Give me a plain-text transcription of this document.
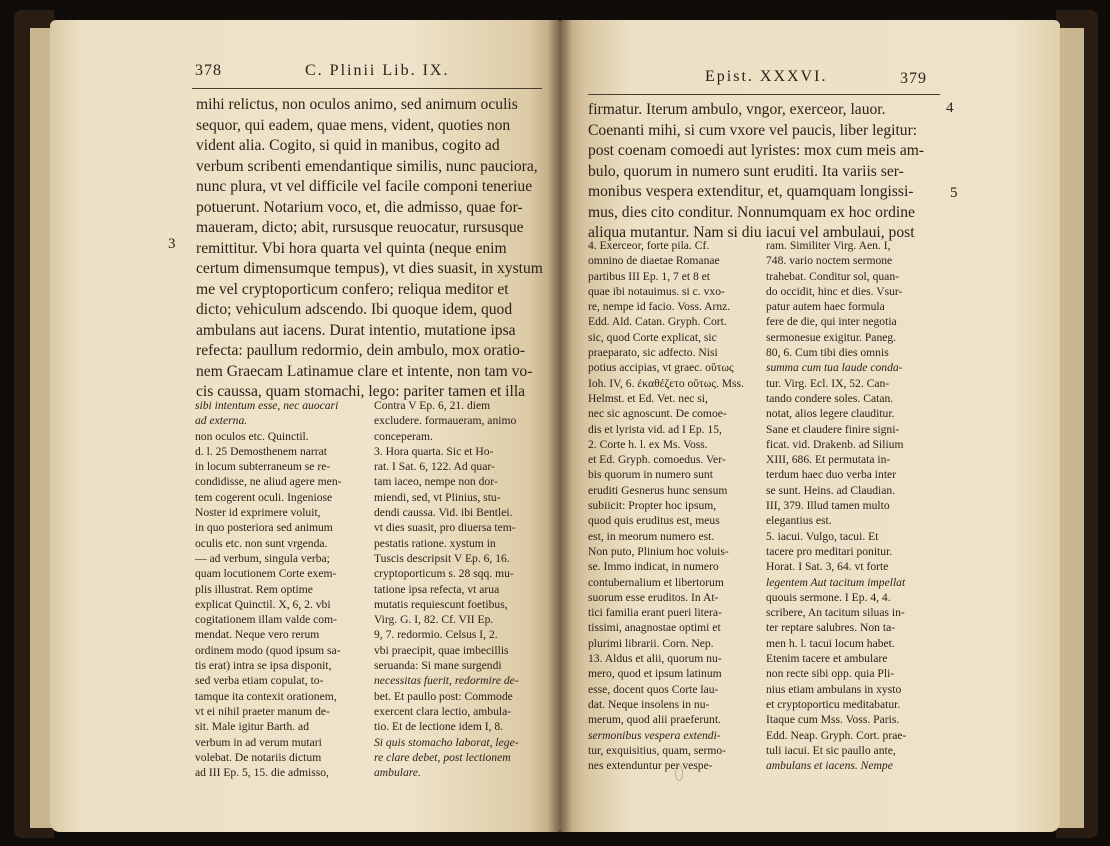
378	C. Plinii Lib. IX.
3

mihi relictus, non oculos animo, sed animum oculis

sequor, qui eadem, quae mens, vident, quoties non

vident alia. Cogito, si quid in manibus, cogito ad

verbum scribenti emendantique similis, nunc pauciora,

nunc plura, vt vel difficile vel facile componi teneriue

potuerunt. Notarium voco, et, die admisso, quae for-

maueram, dicto; abit, rursusque reuocatur, rursusque

remittitur. Vbi hora quarta vel quinta (neque enim

certum dimensumque tempus), vt dies suasit, in xystum

me vel cryptoporticum confero; reliqua meditor et

dicto; vehiculum adscendo. Ibi quoque idem, quod

ambulans aut iacens. Durat intentio, mutatione ipsa

refecta: paullum redormio, dein ambulo, mox oratio-

nem Graecam Latinamue clare et intente, non tam vo-

cis caussa, quam stomachi, lego: pariter tamen et illa

sibi intentum esse, nec auocari

ad externa.

non oculos etc. Quinctil.

d. l. 25 Demosthenem narrat

in locum subterraneum se re-

condidisse, ne aliud agere men-

tem cogerent oculi. Ingeniose

Noster id exprimere voluit,

in quo posteriora sed animum

oculis etc. non sunt vrgenda.

— ad verbum, singula verba;

quam locutionem Corte exem-

plis illustrat. Rem optime

explicat Quinctil. X, 6, 2. vbi

cogitationem illam valde com-

mendat. Neque vero rerum

ordinem modo (quod ipsum sa-

tis erat) intra se ipsa disponit,

sed verba etiam copulat, to-

tamque ita contexit orationem,

vt ei nihil praeter manum de-

sit. Male igitur Barth. ad

verbum in ad verum mutari

volebat. De notariis dictum

ad III Ep. 5, 15. die admisso,

Contra V Ep. 6, 21. diem

excludere. formaueram, animo

conceperam.

3. Hora quarta. Sic et Ho-

rat. I Sat. 6, 122. Ad quar-

tam iaceo, nempe non dor-

miendi, sed, vt Plinius, stu-

dendi caussa. Vid. ibi Bentlei.

vt dies suasit, pro diuersa tem-

pestatis ratione. xystum in

Tuscis descripsit V Ep. 6, 16.

cryptoporticum s. 28 sqq. mu-

tatione ipsa refecta, vt arua

mutatis requiescunt foetibus,

Virg. G. I, 82. Cf. VII Ep.

9, 7. redormio. Celsus I, 2.

vbi praecipit, quae imbecillis

seruanda: Si mane surgendi

necessitas fuerit, redormire de-

bet. Et paullo post: Commode

exercent clara lectio, ambula-

tio. Et de lectione idem I, 8.

Si quis stomacho laborat, lege-

re clare debet, post lectionem

ambulare.

Epist. XXXVI.	379
4
5

firmatur. Iterum ambulo, vngor, exerceor, lauor.

Coenanti mihi, si cum vxore vel paucis, liber legitur:

post coenam comoedi aut lyristes: mox cum meis am-

bulo, quorum in numero sunt eruditi. Ita variis ser-

monibus vespera extenditur, et, quamquam longissi-

mus, dies cito conditur. Nonnumquam ex hoc ordine

aliqua mutantur. Nam si diu iacui vel ambulaui, post

4. Exerceor, forte pila. Cf.

omnino de diaetae Romanae

partibus III Ep. 1, 7 et 8 et

quae ibi notauimus. si c. vxo-

re, nempe id facio. Voss. Arnz.

Edd. Ald. Catan. Gryph. Cort.

sic, quod Corte explicat, sic

praeparato, sic adfecto. Nisi

potius accipias, vt graec. οὕτως

Ioh. IV, 6. ἐκαθέζετο οὕτως. Mss.

Helmst. et Ed. Vet. nec si,

nec sic agnoscunt. De comoe-

dis et lyrista vid. ad I Ep. 15,

2. Corte h. l. ex Ms. Voss.

et Ed. Gryph. comoedus. Ver-

bis quorum in numero sunt

eruditi Gesnerus hunc sensum

subiicit: Propter hoc ipsum,

quod quis eruditus est, meus

est, in meorum numero est.

Non puto, Plinium hoc voluis-

se. Immo indicat, in numero

contubernalium et libertorum

suorum esse eruditos. In At-

tici familia erant pueri litera-

tissimi, anagnostae optimi et

plurimi librarii. Corn. Nep.

13. Aldus et alii, quorum nu-

mero, quod et ipsum latinum

esse, docent quos Corte lau-

dat. Neque insolens in nu-

merum, quod alii praeferunt.

sermonibus vespera extendi-

tur, exquisitius, quam, sermo-

nes extenduntur per vespe-

ram. Similiter Virg. Aen. I,

748. vario noctem sermone

trahebat. Conditur sol, quan-

do occidit, hinc et dies. Vsur-

patur autem haec formula

fere de die, qui inter negotia

sermonesue exigitur. Paneg.

80, 6. Cum tibi dies omnis

summa cum tua laude conda-

tur. Virg. Ecl. IX, 52. Can-

tando condere soles. Catan.

notat, alios legere clauditur.

Sane et claudere finire signi-

ficat. vid. Drakenb. ad Silium

XIII, 686. Et permutata in-

terdum haec duo verba inter

se sunt. Heins. ad Claudian.

III, 379. Illud tamen multo

elegantius est.

5. iacui. Vulgo, tacui. Et

tacere pro meditari ponitur.

Horat. I Sat. 3, 64. vt forte

legentem Aut tacitum impellat

quouis sermone. I Ep. 4, 4.

scribere, An tacitum siluas in-

ter reptare salubres. Non ta-

men h. l. tacui locum habet.

Etenim tacere et ambulare

non recte sibi opp. quia Pli-

nius etiam ambulans in xysto

et cryptoporticu meditabatur.

Itaque cum Mss. Voss. Paris.

Edd. Neap. Gryph. Cort. prae-

tuli iacui. Et sic paullo ante,

ambulans et iacens. Nempe
